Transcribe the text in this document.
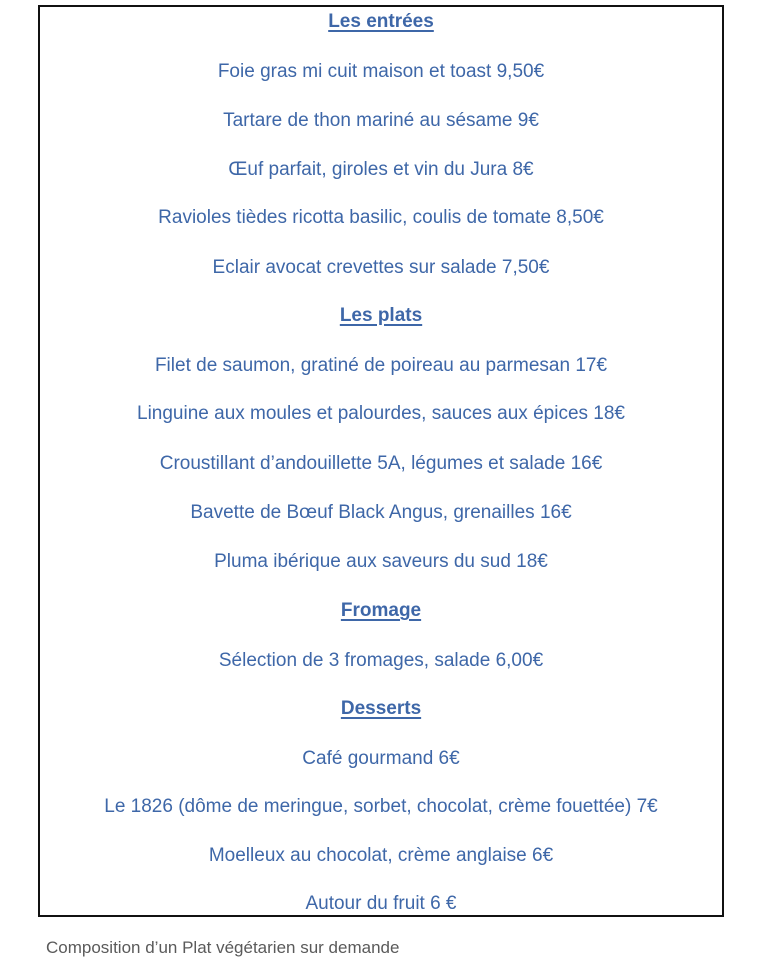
Les entrées
Foie gras mi cuit maison et toast 9,50€
Tartare de thon mariné au sésame 9€
Œuf parfait, giroles et vin du Jura 8€
Ravioles tièdes ricotta basilic, coulis de tomate 8,50€
Eclair avocat crevettes sur salade 7,50€
Les plats
Filet de saumon, gratiné de poireau au parmesan 17€
Linguine aux moules et palourdes, sauces aux épices 18€
Croustillant d’andouillette 5A, légumes et salade 16€
Bavette de Bœuf Black Angus, grenailles 16€
Pluma ibérique aux saveurs du sud 18€
Fromage
Sélection de 3 fromages, salade 6,00€
Desserts
Café gourmand 6€
Le 1826 (dôme de meringue, sorbet, chocolat, crème fouettée) 7€
Moelleux au chocolat, crème anglaise 6€
Autour du fruit 6 €
Composition d’un Plat végétarien sur demande
